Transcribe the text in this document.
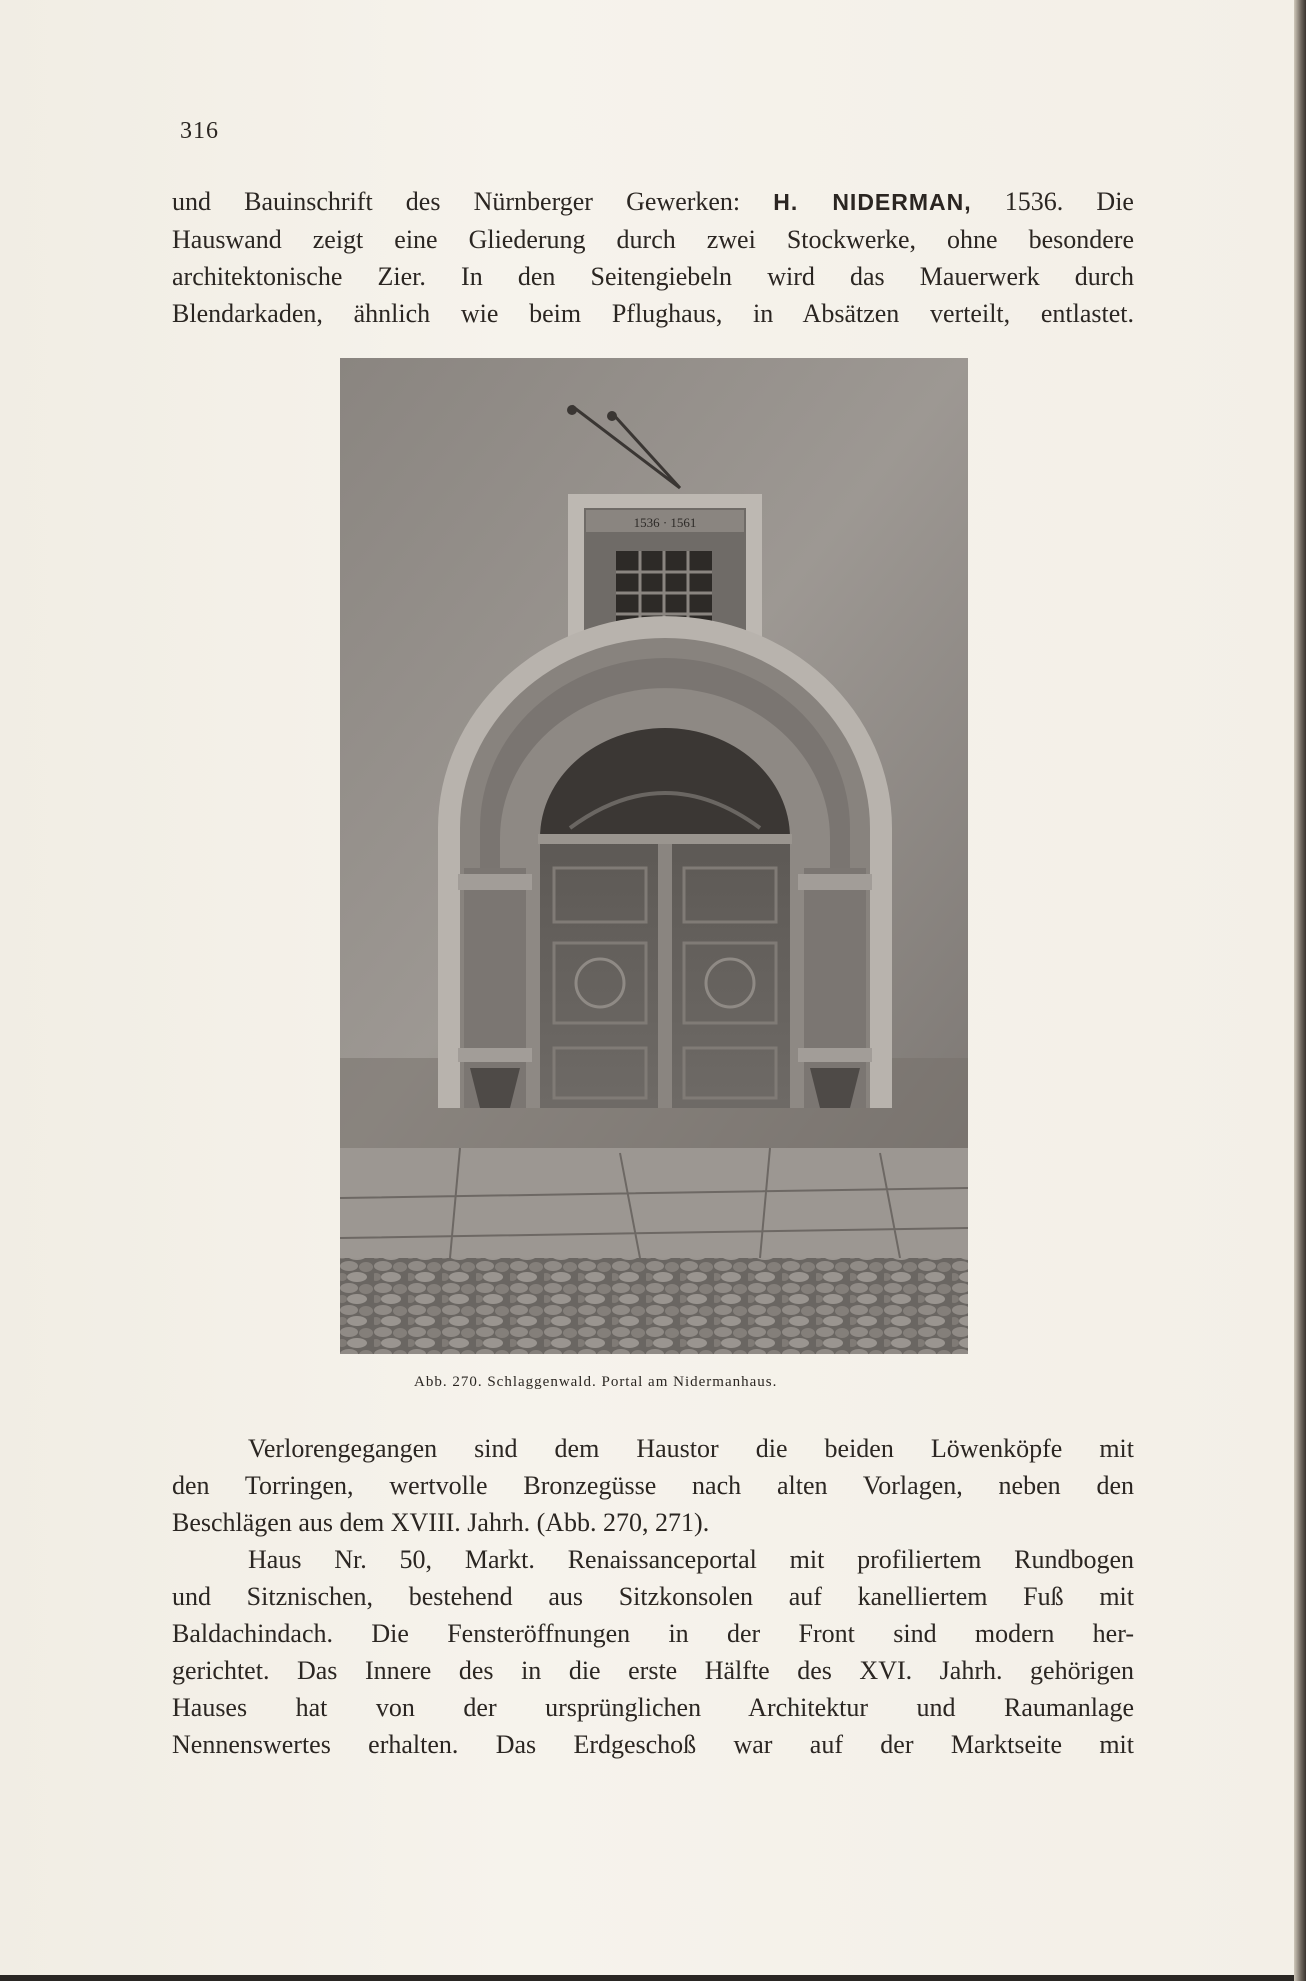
316

und Bauinschrift des Nürnberger Gewerken: H. NIDERMAN, 1536. Die
Hauswand zeigt eine Gliederung durch zwei Stockwerke, ohne besondere
architektonische Zier. In den Seitengiebeln wird das Mauerwerk durch
Blendarkaden, ähnlich wie beim Pflughaus, in Absätzen verteilt, entlastet.

1536 · 1561
Abb. 270. Schlaggenwald. Portal am Nidermanhaus.

Verlorengegangen sind dem Haustor die beiden Löwenköpfe mit
den Torringen, wertvolle Bronzegüsse nach alten Vorlagen, neben den
Beschlägen aus dem XVIII. Jahrh. (Abb. 270, 271).
Haus Nr. 50, Markt. Renaissanceportal mit profiliertem Rundbogen
und Sitznischen, bestehend aus Sitzkonsolen auf kanelliertem Fuß mit
Baldachindach. Die Fensteröffnungen in der Front sind modern her-
gerichtet. Das Innere des in die erste Hälfte des XVI. Jahrh. gehörigen
Hauses hat von der ursprünglichen Architektur und Raumanlage
Nennenswertes erhalten. Das Erdgeschoß war auf der Marktseite mit
